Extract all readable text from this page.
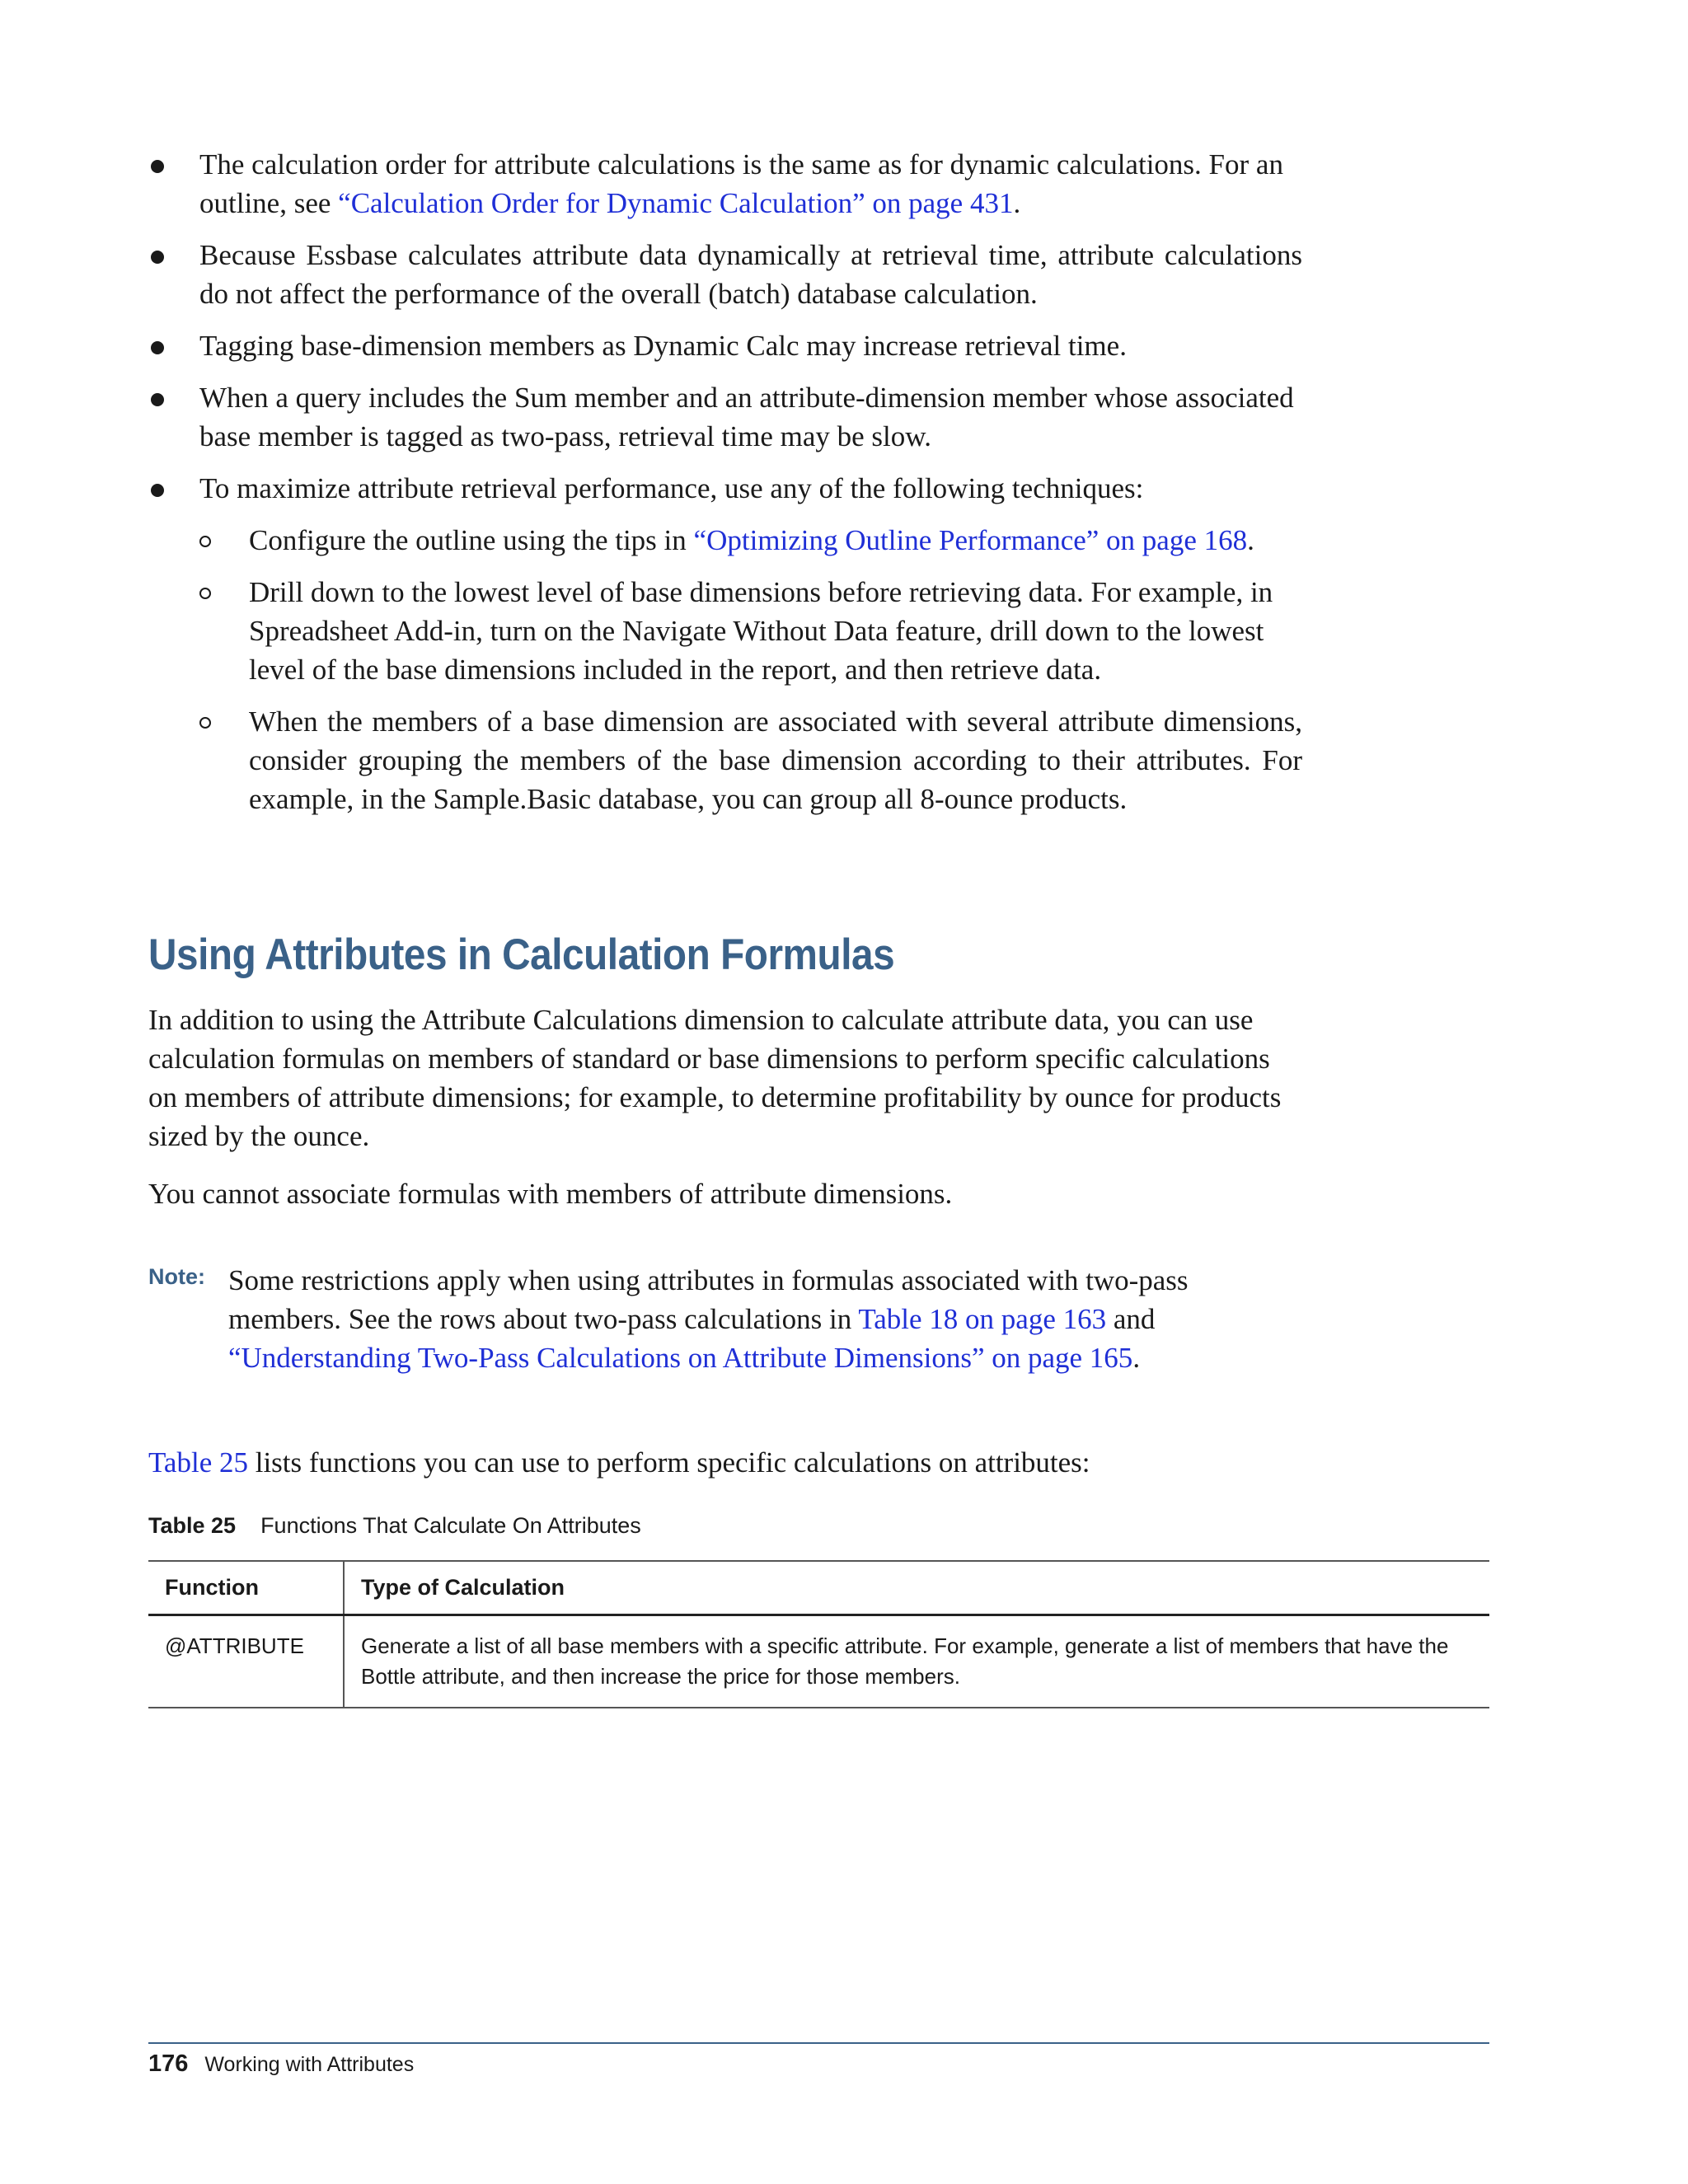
The calculation order for attribute calculations is the same as for dynamic calculations. For an outline, see “Calculation Order for Dynamic Calculation” on page 431.
Because Essbase calculates attribute data dynamically at retrieval time, attribute calculations do not affect the performance of the overall (batch) database calculation.
Tagging base-dimension members as Dynamic Calc may increase retrieval time.
When a query includes the Sum member and an attribute-dimension member whose associated base member is tagged as two-pass, retrieval time may be slow.
To maximize attribute retrieval performance, use any of the following techniques:
Configure the outline using the tips in “Optimizing Outline Performance” on page 168.
Drill down to the lowest level of base dimensions before retrieving data. For example, in Spreadsheet Add-in, turn on the Navigate Without Data feature, drill down to the lowest level of the base dimensions included in the report, and then retrieve data.
When the members of a base dimension are associated with several attribute dimensions, consider grouping the members of the base dimension according to their attributes. For example, in the Sample.Basic database, you can group all 8-ounce products.
Using Attributes in Calculation Formulas

In addition to using the Attribute Calculations dimension to calculate attribute data, you can use calculation formulas on members of standard or base dimensions to perform specific calculations on members of attribute dimensions; for example, to determine profitability by ounce for products sized by the ounce.

You cannot associate formulas with members of attribute dimensions.

Note: Some restrictions apply when using attributes in formulas associated with two-pass members. See the rows about two-pass calculations in Table 18 on page 163 and “Understanding Two-Pass Calculations on Attribute Dimensions” on page 165.

Table 25 lists functions you can use to perform specific calculations on attributes:

Table 25 Functions That Calculate On Attributes
Function	Type of Calculation
@ATTRIBUTE	Generate a list of all base members with a specific attribute. For example, generate a list of members that have the Bottle attribute, and then increase the price for those members.
176 Working with Attributes
